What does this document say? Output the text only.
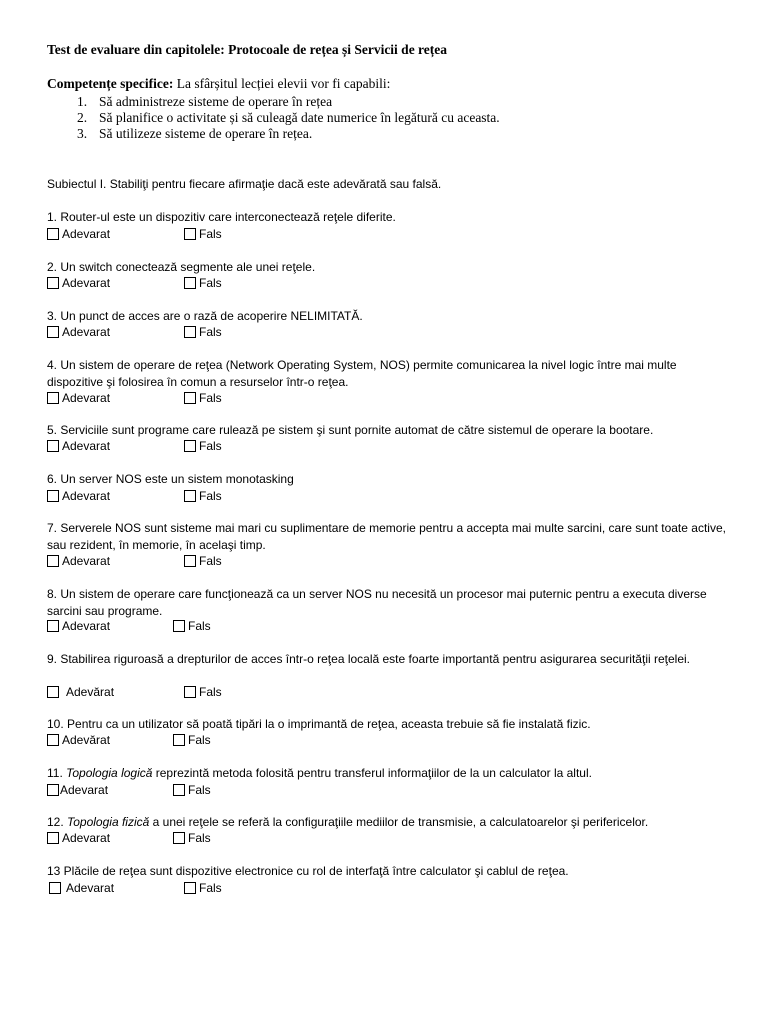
Test de evaluare din capitolele: Protocoale de rețea și Servicii de rețea
Competențe specifice: La sfârșitul lecției elevii vor fi capabili:
1. Să administreze sisteme de operare în rețea
2. Să planifice o activitate și să culeagă date numerice în legătură cu aceasta.
3. Să utilizeze sisteme de operare în rețea.
Subiectul I. Stabiliţi pentru fiecare afirmaţie dacă este adevărată sau falsă.
1. Router-ul este un dispozitiv care interconectează reţele diferite.
Adevarat	Fals
2. Un switch conectează segmente ale unei reţele.
Adevarat	Fals
3. Un punct de acces are o rază de acoperire NELIMITATĂ.
Adevarat	Fals
4. Un sistem de operare de reţea (Network Operating System, NOS) permite comunicarea la nivel logic între mai multe dispozitive şi folosirea în comun a resurselor într-o reţea.
Adevarat	Fals
5. Serviciile sunt programe care rulează pe sistem şi sunt pornite automat de către sistemul de operare la bootare.
Adevarat	Fals
6. Un server NOS este un sistem monotasking
Adevarat	Fals
7. Serverele NOS sunt sisteme mai mari cu suplimentare de memorie pentru a accepta mai multe sarcini, care sunt toate active, sau rezident, în memorie, în acelaşi timp.
Adevarat	Fals
8. Un sistem de operare care funcţionează ca un server NOS nu necesită un procesor mai puternic pentru a executa diverse sarcini sau programe.
Adevarat	Fals
9. Stabilirea riguroasă a drepturilor de acces într-o reţea locală este foarte importantă pentru asigurarea securităţii reţelei.
Adevărat	Fals
10. Pentru ca un utilizator să poată tipări la o imprimantă de reţea, aceasta trebuie să fie instalată fizic.
Adevărat	Fals
11. Topologia logică reprezintă metoda folosită pentru transferul informaţiilor de la un calculator la altul.
Adevarat	Fals
12. Topologia fizică a unei reţele se referă la configuraţiile mediilor de transmisie, a calculatoarelor şi perifericelor.
Adevarat	Fals
13 Plăcile de reţea sunt dispozitive electronice cu rol de interfaţă între calculator şi cablul de reţea.
Adevarat	Fals
